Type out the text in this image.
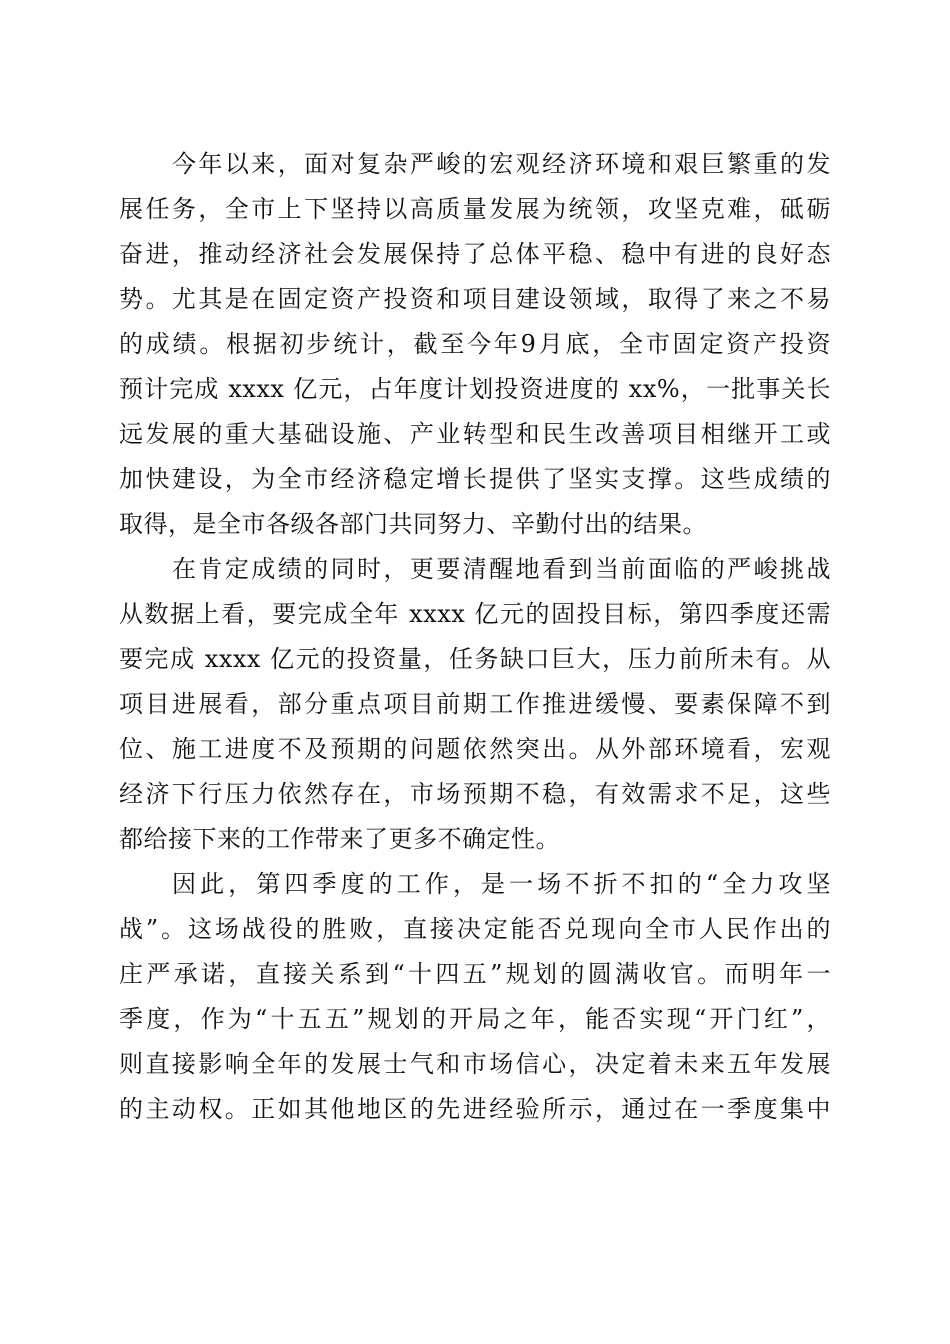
今年以来，面对复杂严峻的宏观经济环境和艰巨繁重的发
展任务，全市上下坚持以高质量发展为统领，攻坚克难，砥砺
奋进，推动经济社会发展保持了总体平稳、稳中有进的良好态
势。尤其是在固定资产投资和项目建设领域，取得了来之不易
的成绩。根据初步统计，截至今年9月底，全市固定资产投资
预计完成 xxxx 亿元，占年度计划投资进度的 xx%，一批事关长
远发展的重大基础设施、产业转型和民生改善项目相继开工或
加快建设，为全市经济稳定增长提供了坚实支撑。这些成绩的
取得，是全市各级各部门共同努力、辛勤付出的结果。
在肯定成绩的同时，更要清醒地看到当前面临的严峻挑战
从数据上看，要完成全年 xxxx 亿元的固投目标，第四季度还需
要完成 xxxx 亿元的投资量，任务缺口巨大，压力前所未有。从
项目进展看，部分重点项目前期工作推进缓慢、要素保障不到
位、施工进度不及预期的问题依然突出。从外部环境看，宏观
经济下行压力依然存在，市场预期不稳，有效需求不足，这些
都给接下来的工作带来了更多不确定性。
因此，第四季度的工作，是一场不折不扣的“全力攻坚
战”。这场战役的胜败，直接决定能否兑现向全市人民作出的
庄严承诺，直接关系到“十四五”规划的圆满收官。而明年一
季度，作为“十五五”规划的开局之年，能否实现“开门红”，
则直接影响全年的发展士气和市场信心，决定着未来五年发展
的主动权。正如其他地区的先进经验所示，通过在一季度集中
